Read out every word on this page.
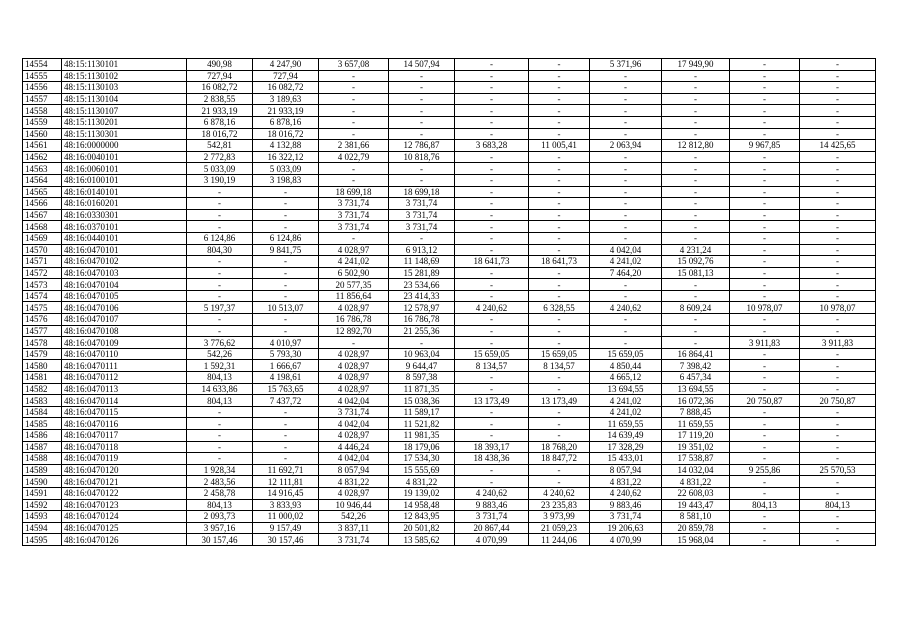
14554	48:15:1130101	490,98	4 247,90	3 657,08	14 507,94	-	-	5 371,96	17 949,90	-	-
14555	48:15:1130102	727,94	727,94	-	-	-	-	-	-	-	-
14556	48:15:1130103	16 082,72	16 082,72	-	-	-	-	-	-	-	-
14557	48:15:1130104	2 838,55	3 189,63	-	-	-	-	-	-	-	-
14558	48:15:1130107	21 933,19	21 933,19	-	-	-	-	-	-	-	-
14559	48:15:1130201	6 878,16	6 878,16	-	-	-	-	-	-	-	-
14560	48:15:1130301	18 016,72	18 016,72	-	-	-	-	-	-	-	-
14561	48:16:0000000	542,81	4 132,88	2 381,66	12 786,87	3 683,28	11 005,41	2 063,94	12 812,80	9 967,85	14 425,65
14562	48:16:0040101	2 772,83	16 322,12	4 022,79	10 818,76	-	-	-	-	-	-
14563	48:16:0060101	5 033,09	5 033,09	-	-	-	-	-	-	-	-
14564	48:16:0100101	3 190,19	3 198,83	-	-	-	-	-	-	-	-
14565	48:16:0140101	-	-	18 699,18	18 699,18	-	-	-	-	-	-
14566	48:16:0160201	-	-	3 731,74	3 731,74	-	-	-	-	-	-
14567	48:16:0330301	-	-	3 731,74	3 731,74	-	-	-	-	-	-
14568	48:16:0370101	-	-	3 731,74	3 731,74	-	-	-	-	-	-
14569	48:16:0440101	6 124,86	6 124,86	-	-	-	-	-	-	-	-
14570	48:16:0470101	804,30	9 841,75	4 028,97	6 913,12	-	-	4 042,04	4 231,24	-	-
14571	48:16:0470102	-	-	4 241,02	11 148,69	18 641,73	18 641,73	4 241,02	15 092,76	-	-
14572	48:16:0470103	-	-	6 502,90	15 281,89	-	-	7 464,20	15 081,13	-	-
14573	48:16:0470104	-	-	20 577,35	23 534,66	-	-	-	-	-	-
14574	48:16:0470105	-	-	11 856,64	23 414,33	-	-	-	-	-	-
14575	48:16:0470106	5 197,37	10 513,07	4 028,97	12 578,97	4 240,62	6 328,55	4 240,62	8 609,24	10 978,07	10 978,07
14576	48:16:0470107	-	-	16 786,78	16 786,78	-	-	-	-	-	-
14577	48:16:0470108	-	-	12 892,70	21 255,36	-	-	-	-	-	-
14578	48:16:0470109	3 776,62	4 010,97	-	-	-	-	-	-	3 911,83	3 911,83
14579	48:16:0470110	542,26	5 793,30	4 028,97	10 963,04	15 659,05	15 659,05	15 659,05	16 864,41	-	-
14580	48:16:0470111	1 592,31	1 666,67	4 028,97	9 644,47	8 134,57	8 134,57	4 850,44	7 398,42	-	-
14581	48:16:0470112	804,13	4 198,61	4 028,97	8 597,38	-	-	4 665,12	6 457,34	-	-
14582	48:16:0470113	14 633,86	15 763,65	4 028,97	11 871,35	-	-	13 694,55	13 694,55	-	-
14583	48:16:0470114	804,13	7 437,72	4 042,04	15 038,36	13 173,49	13 173,49	4 241,02	16 072,36	20 750,87	20 750,87
14584	48:16:0470115	-	-	3 731,74	11 589,17	-	-	4 241,02	7 888,45	-	-
14585	48:16:0470116	-	-	4 042,04	11 521,82	-	-	11 659,55	11 659,55	-	-
14586	48:16:0470117	-	-	4 028,97	11 981,35	-	-	14 639,49	17 119,20	-	-
14587	48:16:0470118	-	-	4 446,24	18 179,06	18 393,17	18 768,20	17 328,29	19 351,02	-	-
14588	48:16:0470119	-	-	4 042,04	17 534,30	18 438,36	18 847,72	15 433,01	17 538,87	-	-
14589	48:16:0470120	1 928,34	11 692,71	8 057,94	15 555,69	-	-	8 057,94	14 032,04	9 255,86	25 570,53
14590	48:16:0470121	2 483,56	12 111,81	4 831,22	4 831,22	-	-	4 831,22	4 831,22	-	-
14591	48:16:0470122	2 458,78	14 916,45	4 028,97	19 139,02	4 240,62	4 240,62	4 240,62	22 608,03	-	-
14592	48:16:0470123	804,13	3 833,93	10 946,44	14 958,48	9 883,46	23 235,83	9 883,46	19 443,47	804,13	804,13
14593	48:16:0470124	2 093,73	11 000,02	542,26	12 843,95	3 731,74	3 973,99	3 731,74	8 581,10	-	-
14594	48:16:0470125	3 957,16	9 157,49	3 837,11	20 501,82	20 867,44	21 059,23	19 206,63	20 859,78	-	-
14595	48:16:0470126	30 157,46	30 157,46	3 731,74	13 585,62	4 070,99	11 244,06	4 070,99	15 968,04	-	-
